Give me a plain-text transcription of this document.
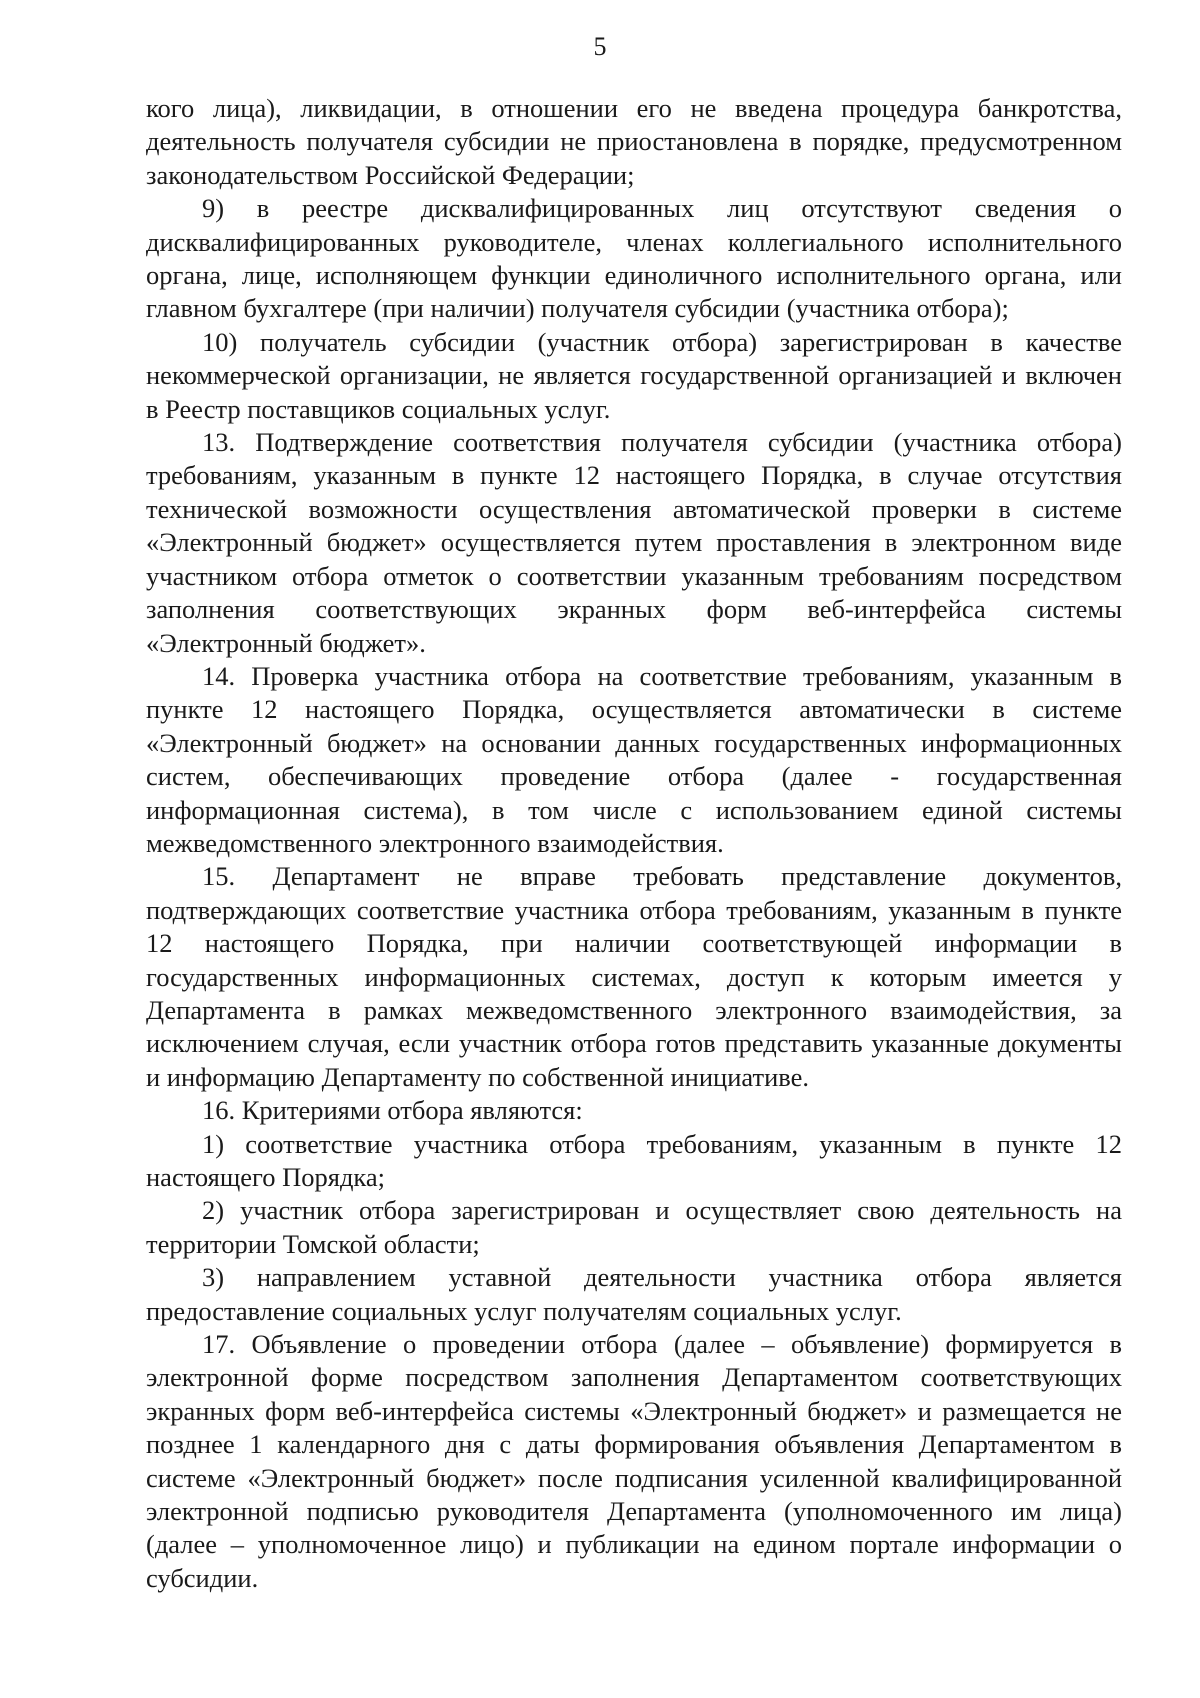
5

кого лица), ликвидации, в отношении его не введена процедура банкротства, деятельность получателя субсидии не приостановлена в порядке, предусмотренном законодательством Российской Федерации;

9) в реестре дисквалифицированных лиц отсутствуют сведения о дисквалифицированных руководителе, членах коллегиального исполнительного органа, лице, исполняющем функции единоличного исполнительного органа, или главном бухгалтере (при наличии) получателя субсидии (участника отбора);

10) получатель субсидии (участник отбора) зарегистрирован в качестве некоммерческой организации, не является государственной организацией и включен в Реестр поставщиков социальных услуг.

13. Подтверждение соответствия получателя субсидии (участника отбора) требованиям, указанным в пункте 12 настоящего Порядка, в случае отсутствия технической возможности осуществления автоматической проверки в системе «Электронный бюджет» осуществляется путем проставления в электронном виде участником отбора отметок о соответствии указанным требованиям посредством заполнения соответствующих экранных форм веб-интерфейса системы «Электронный бюджет».

14. Проверка участника отбора на соответствие требованиям, указанным в пункте 12 настоящего Порядка, осуществляется автоматически в системе «Электронный бюджет» на основании данных государственных информационных систем, обеспечивающих проведение отбора (далее - государственная информационная система), в том числе с использованием единой системы межведомственного электронного взаимодействия.

15. Департамент не вправе требовать представление документов, подтверждающих соответствие участника отбора требованиям, указанным в пункте 12 настоящего Порядка, при наличии соответствующей информации в государственных информационных системах, доступ к которым имеется у Департамента в рамках межведомственного электронного взаимодействия, за исключением случая, если участник отбора готов представить указанные документы и информацию Департаменту по собственной инициативе.

16. Критериями отбора являются:

1) соответствие участника отбора требованиям, указанным в пункте 12 настоящего Порядка;

2) участник отбора зарегистрирован и осуществляет свою деятельность на территории Томской области;

3) направлением уставной деятельности участника отбора является предоставление социальных услуг получателям социальных услуг.

17. Объявление о проведении отбора (далее – объявление) формируется в электронной форме посредством заполнения Департаментом соответствующих экранных форм веб-интерфейса системы «Электронный бюджет» и размещается не позднее 1 календарного дня с даты формирования объявления Департаментом в системе «Электронный бюджет» после подписания усиленной квалифицированной электронной подписью руководителя Департамента (уполномоченного им лица) (далее – уполномоченное лицо) и публикации на едином портале информации о субсидии.
